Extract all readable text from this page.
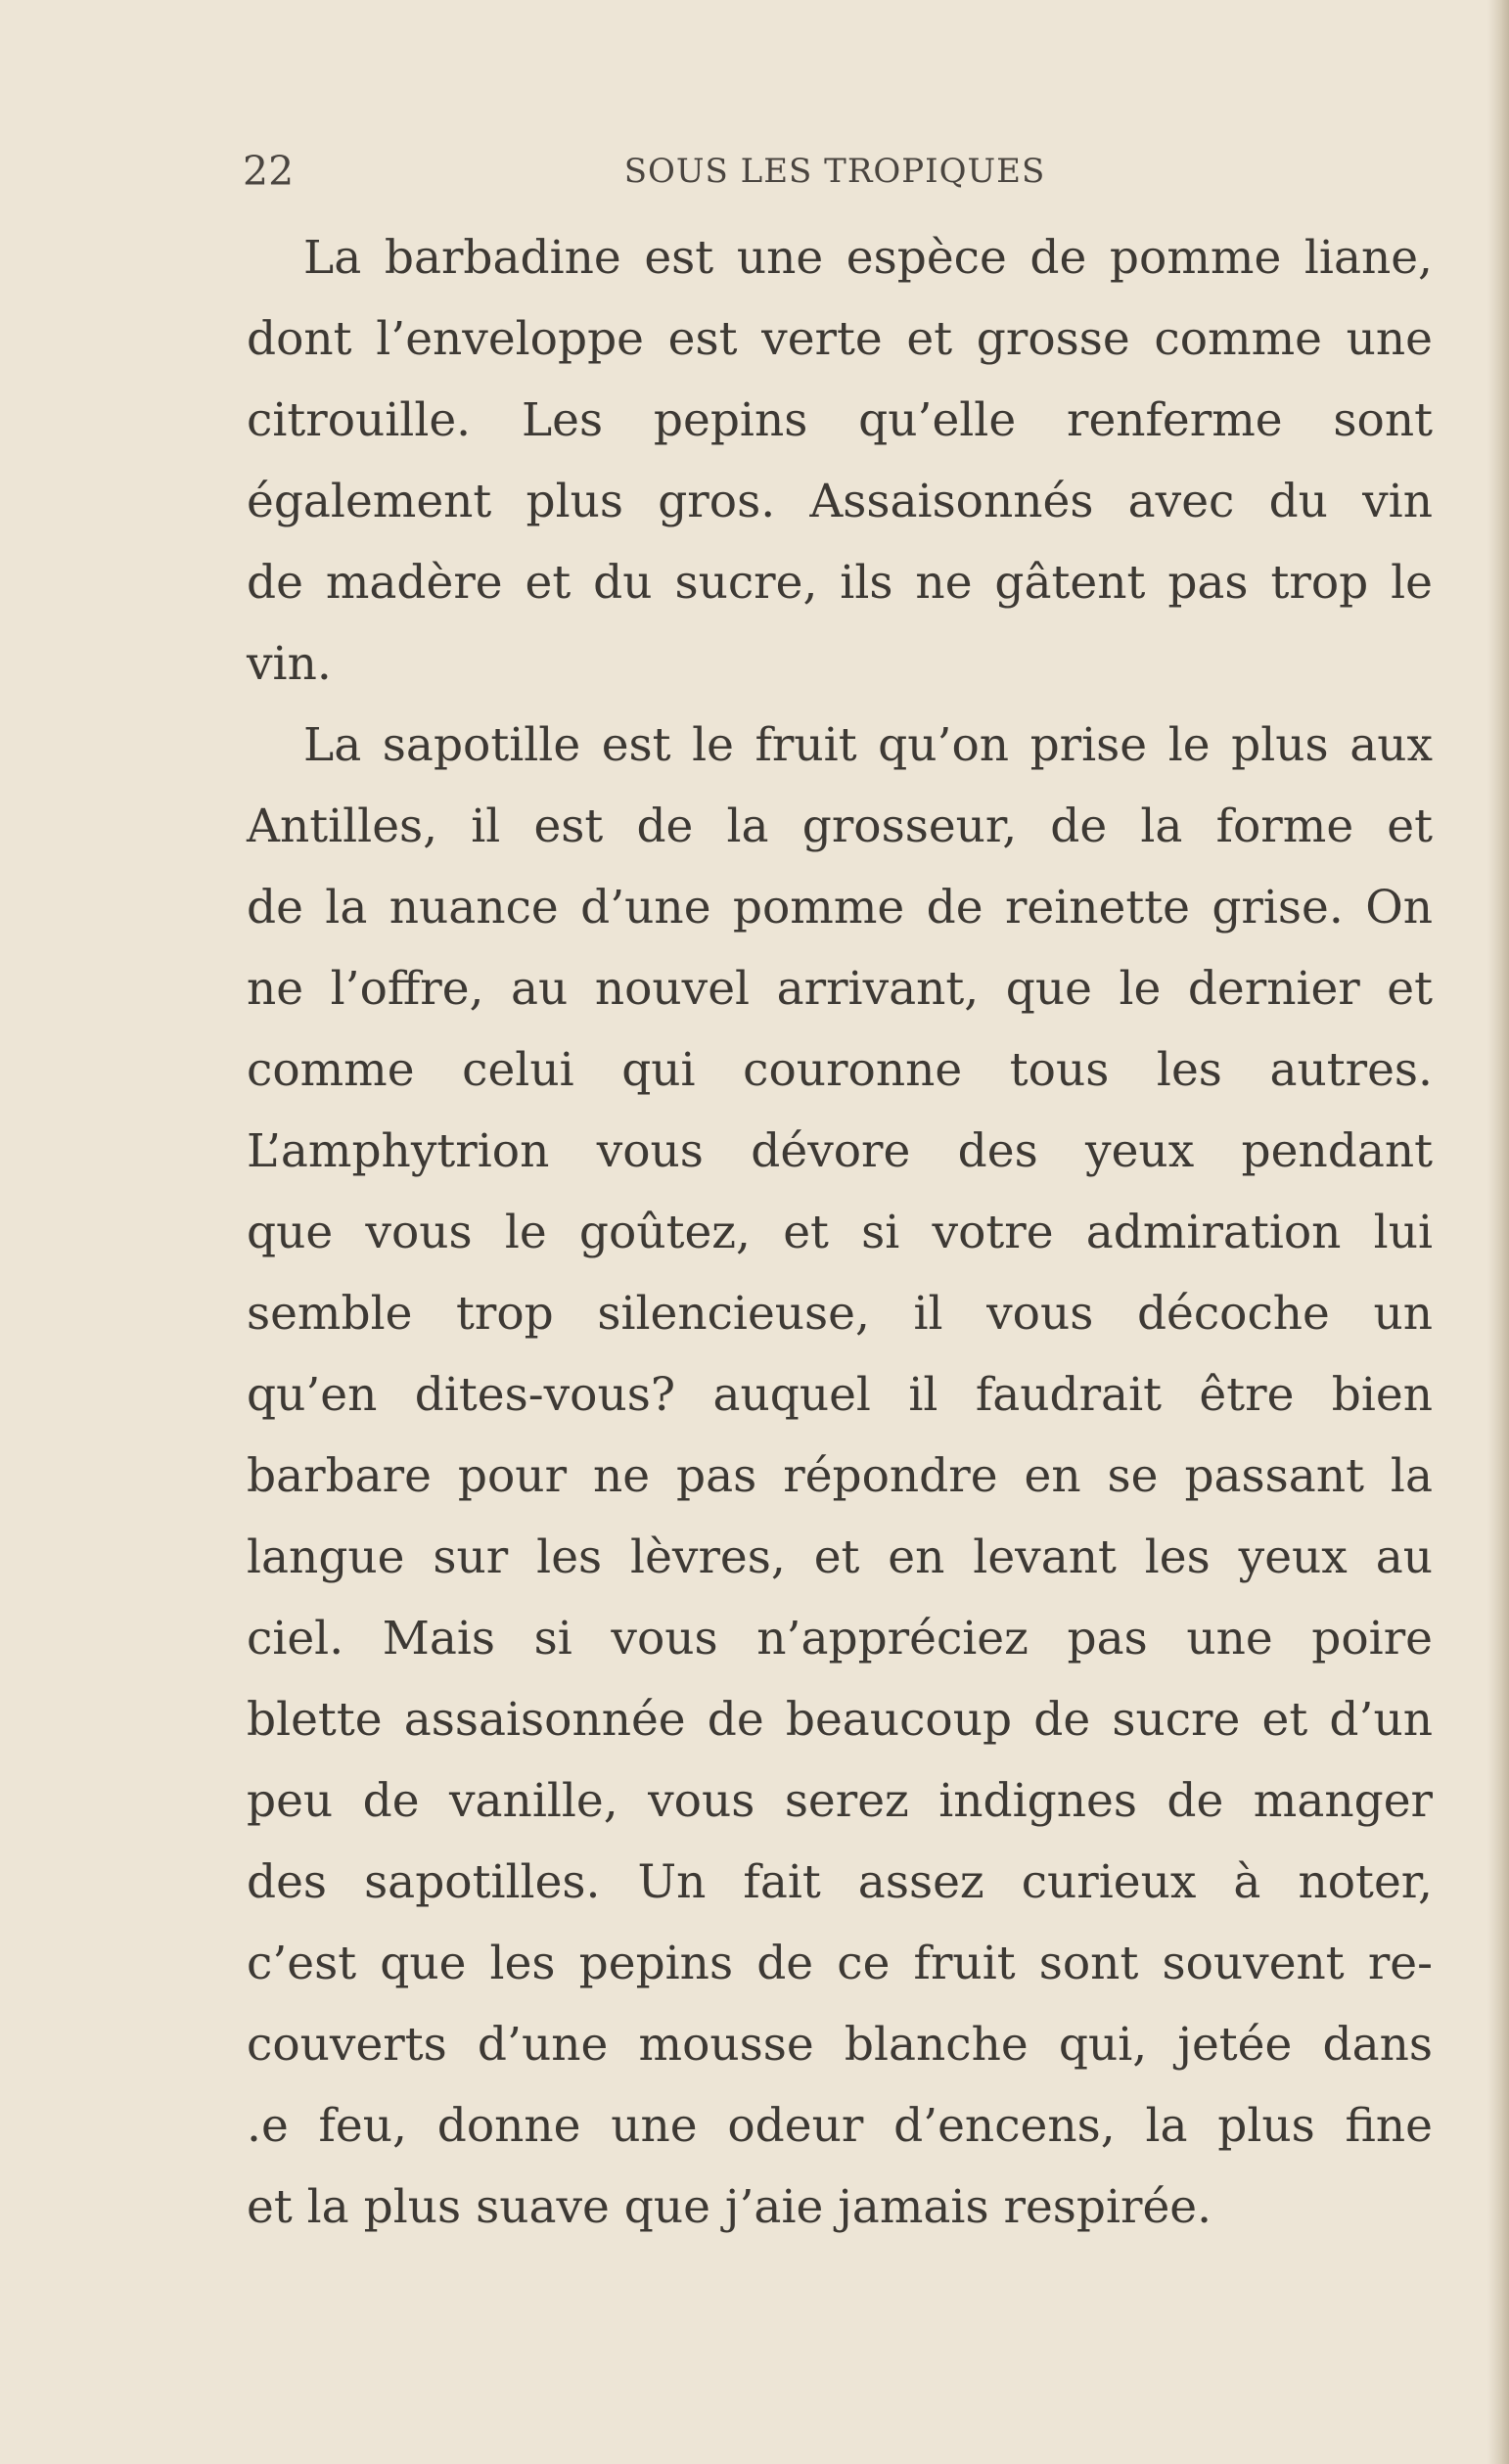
22	SOUS LES TROPIQUES
La barbadine est une espèce de pomme liane,
dont l’enveloppe est verte et grosse comme une
citrouille. Les pepins qu’elle renferme sont
également plus gros. Assaisonnés avec du vin
de madère et du sucre, ils ne gâtent pas trop le
vin.
La sapotille est le fruit qu’on prise le plus aux
Antilles, il est de la grosseur, de la forme et
de la nuance d’une pomme de reinette grise. On
ne l’offre, au nouvel arrivant, que le dernier et
comme celui qui couronne tous les autres.
L’amphytrion vous dévore des yeux pendant
que vous le goûtez, et si votre admiration lui
semble trop silencieuse, il vous décoche un
qu’en dites-vous? auquel il faudrait être bien
barbare pour ne pas répondre en se passant la
langue sur les lèvres, et en levant les yeux au
ciel. Mais si vous n’appréciez pas une poire
blette assaisonnée de beaucoup de sucre et d’un
peu de vanille, vous serez indignes de manger
des sapotilles. Un fait assez curieux à noter,
c’est que les pepins de ce fruit sont souvent re-
couverts d’une mousse blanche qui, jetée dans
.e feu, donne une odeur d’encens, la plus fine
et la plus suave que j’aie jamais respirée.
